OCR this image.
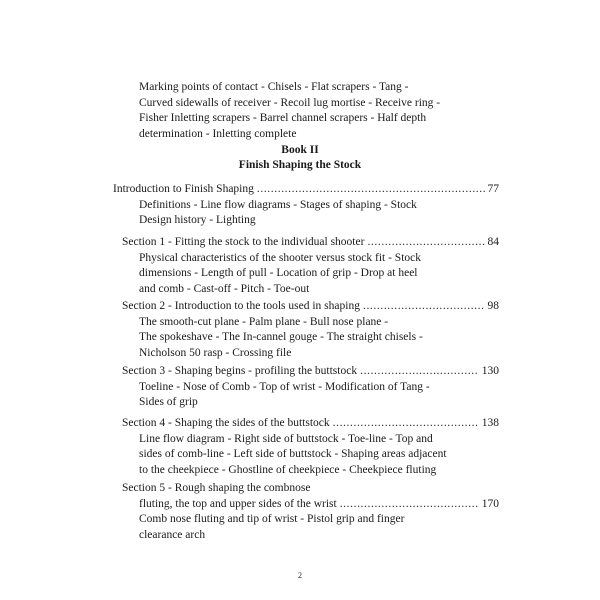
Marking points of contact - Chisels - Flat scrapers - Tang -
Curved sidewalls of receiver - Recoil lug mortise - Receive ring -
Fisher Inletting scrapers - Barrel channel scrapers - Half depth
determination - Inletting complete
Book II
Finish Shaping the Stock
Introduction to Finish Shaping .....	77
Definitions - Line flow diagrams - Stages of shaping - Stock
Design history - Lighting
Section 1 - Fitting the stock to the individual shooter .....	84
Physical characteristics of the shooter versus stock fit - Stock
dimensions - Length of pull - Location of grip - Drop at heel
and comb - Cast-off - Pitch - Toe-out
Section 2 - Introduction to the tools used in shaping .....	98
The smooth-cut plane - Palm plane - Bull nose plane -
The spokeshave - The In-cannel gouge - The straight chisels -
Nicholson 50 rasp - Crossing file
Section 3 - Shaping begins - profiling the buttstock .....	130
Toeline - Nose of Comb - Top of wrist - Modification of Tang -
Sides of grip
Section 4 - Shaping the sides of the buttstock .....	138
Line flow diagram - Right side of buttstock - Toe-line - Top and
sides of comb-line - Left side of buttstock - Shaping areas adjacent
to the cheekpiece - Ghostline of cheekpiece - Cheekpiece fluting
Section 5 - Rough shaping the combnose
fluting, the top and upper sides of the wrist .....	170
Comb nose fluting and tip of wrist - Pistol grip and finger
clearance arch
2
